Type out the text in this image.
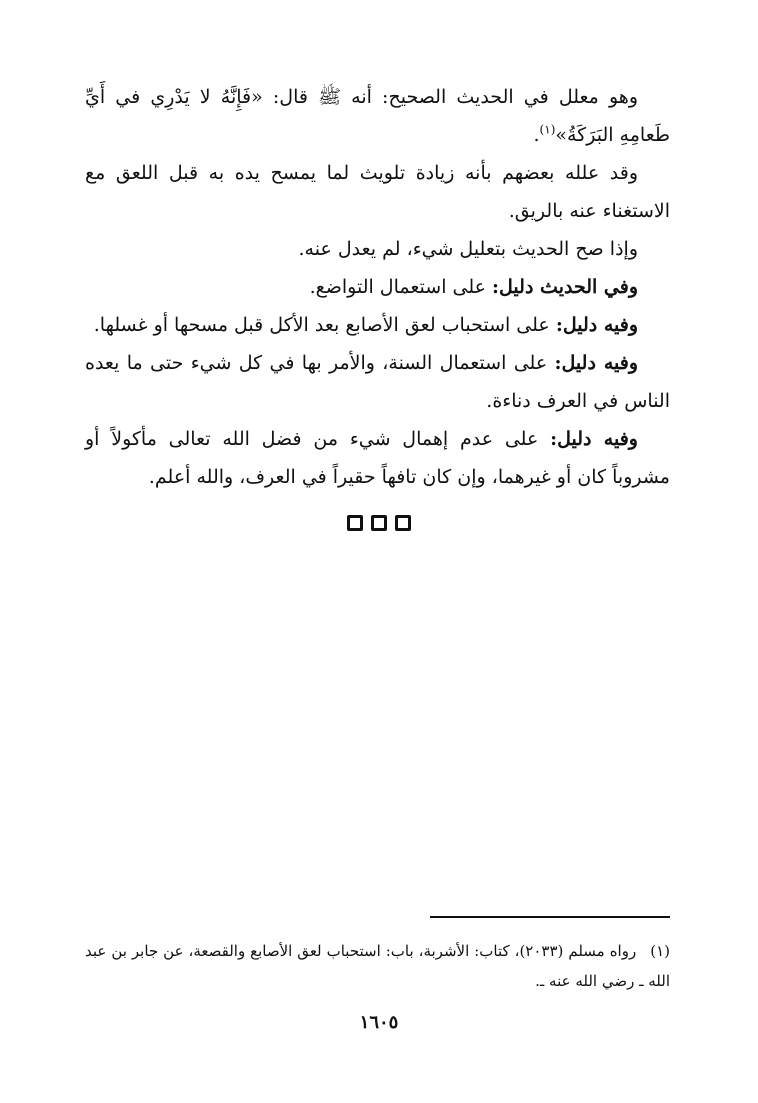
وهو معلل في الحديث الصحيح: أنه ﷺ قال: «فَإِنَّهُ لا يَدْرِي في أَيِّ طَعامِهِ البَرَكَةُ»$^{(١)}$.

وقد علله بعضهم بأنه زيادة تلويث لما يمسح يده به قبل اللعق مع الاستغناء عنه بالريق.

وإذا صح الحديث بتعليل شيء، لم يعدل عنه.

وفي الحديث دليل: على استعمال التواضع.

وفيه دليل: على استحباب لعق الأصابع بعد الأكل قبل مسحها أو غسلها.

وفيه دليل: على استعمال السنة، والأمر بها في كل شيء حتى ما يعده الناس في العرف دناءة.

وفيه دليل: على عدم إهمال شيء من فضل الله تعالى مأكولاً أو مشروباً كان أو غيرهما، وإن كان تافهاً حقيراً في العرف، والله أعلم.

(١)رواه مسلم (٢٠٣٣)، كتاب: الأشربة، باب: استحباب لعق الأصابع والقصعة، عن جابر بن عبد الله ـ رضي الله عنه ـ.

١٦٠٥
